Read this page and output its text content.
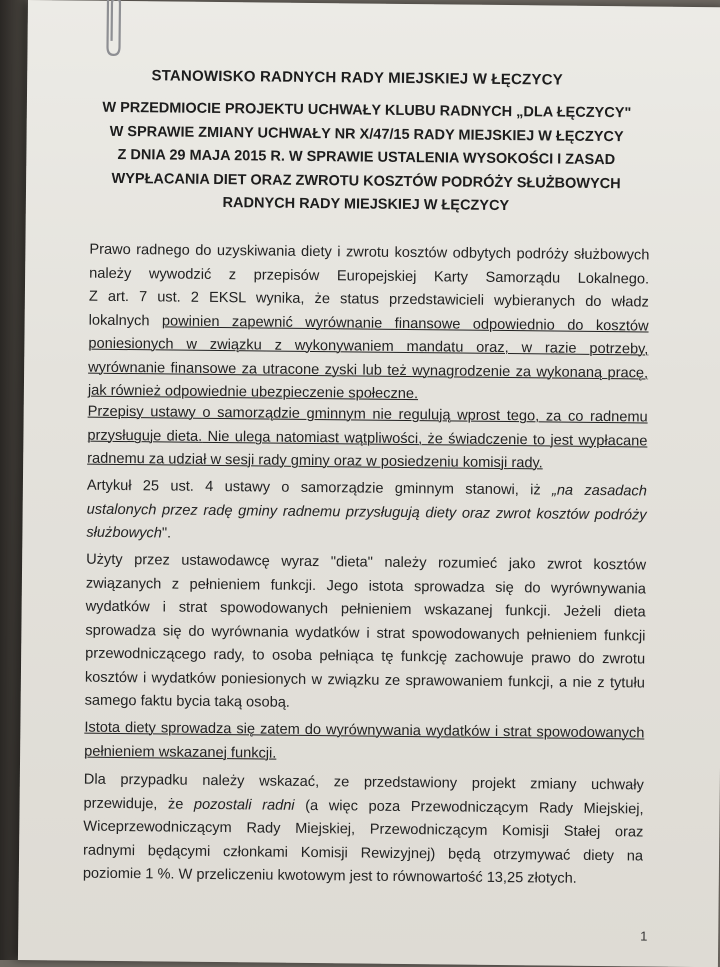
STANOWISKO RADNYCH RADY MIEJSKIEJ W ŁĘCZYCY
W PRZEDMIOCIE PROJEKTU UCHWAŁY KLUBU RADNYCH „DLA ŁĘCZYCY"
W SPRAWIE ZMIANY UCHWAŁY NR X/47/15 RADY MIEJSKIEJ W ŁĘCZYCY
Z DNIA 29 MAJA 2015 R. W SPRAWIE USTALENIA WYSOKOŚCI I ZASAD
WYPŁACANIA DIET ORAZ ZWROTU KOSZTÓW PODRÓŻY SŁUŻBOWYCH
RADNYCH RADY MIEJSKIEJ W ŁĘCZYCY
Prawo radnego do uzyskiwania diety i zwrotu kosztów odbytych podróży służbowych
należy wywodzić z przepisów Europejskiej Karty Samorządu Lokalnego.
Z art. 7 ust. 2 EKSL wynika, że status przedstawicieli wybieranych do władz
lokalnych powinien zapewnić wyrównanie finansowe odpowiednio do kosztów
poniesionych w związku z wykonywaniem mandatu oraz, w razie potrzeby,
wyrównanie finansowe za utracone zyski lub też wynagrodzenie za wykonaną pracę,
jak również odpowiednie ubezpieczenie społeczne.
Przepisy ustawy o samorządzie gminnym nie regulują wprost tego, za co radnemu
przysługuje dieta. Nie ulega natomiast wątpliwości, że świadczenie to jest wypłacane
radnemu za udział w sesji rady gminy oraz w posiedzeniu komisji rady.
Artykuł 25 ust. 4 ustawy o samorządzie gminnym stanowi, iż „na zasadach
ustalonych przez radę gminy radnemu przysługują diety oraz zwrot kosztów podróży
służbowych".
Użyty przez ustawodawcę wyraz "dieta" należy rozumieć jako zwrot kosztów
związanych z pełnieniem funkcji. Jego istota sprowadza się do wyrównywania
wydatków i strat spowodowanych pełnieniem wskazanej funkcji. Jeżeli dieta
sprowadza się do wyrównania wydatków i strat spowodowanych pełnieniem funkcji
przewodniczącego rady, to osoba pełniąca tę funkcję zachowuje prawo do zwrotu
kosztów i wydatków poniesionych w związku ze sprawowaniem funkcji, a nie z tytułu
samego faktu bycia taką osobą.
Istota diety sprowadza się zatem do wyrównywania wydatków i strat spowodowanych
pełnieniem wskazanej funkcji.
Dla przypadku należy wskazać, ze przedstawiony projekt zmiany uchwały
przewiduje, że pozostali radni (a więc poza Przewodniczącym Rady Miejskiej,
Wiceprzewodniczącym Rady Miejskiej, Przewodniczącym Komisji Stałej oraz
radnymi będącymi członkami Komisji Rewizyjnej) będą otrzymywać diety na
poziomie 1 %. W przeliczeniu kwotowym jest to równowartość 13,25 złotych.
1
